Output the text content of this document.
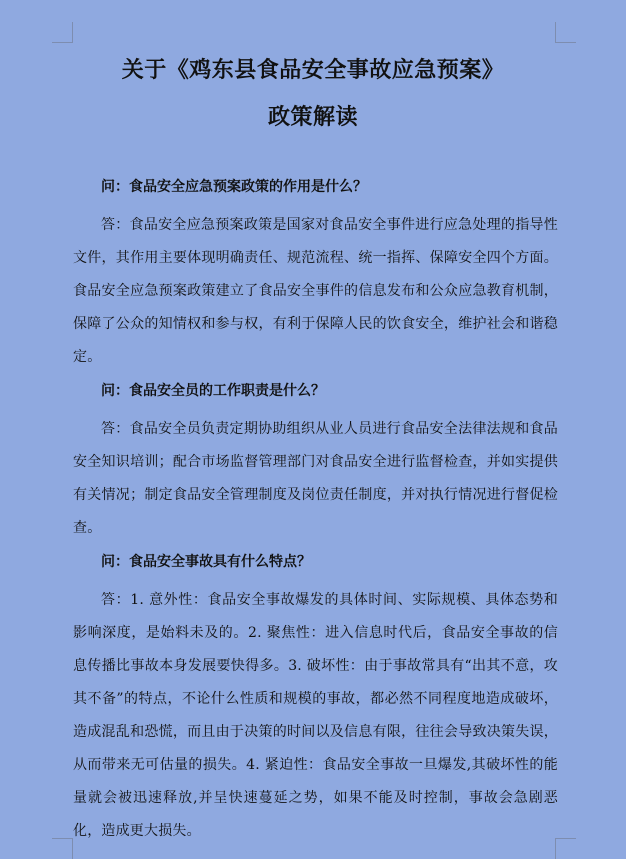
关于《鸡东县食品安全事故应急预案》
政策解读

问：食品安全应急预案政策的作用是什么？

答：食品安全应急预案政策是国家对食品安全事件进行应急处理的指导性文件，其作用主要体现明确责任、规范流程、统一指挥、保障安全四个方面。食品安全应急预案政策建立了食品安全事件的信息发布和公众应急教育机制，保障了公众的知情权和参与权，有利于保障人民的饮食安全，维护社会和谐稳定。

问：食品安全员的工作职责是什么？

答：食品安全员负责定期协助组织从业人员进行食品安全法律法规和食品安全知识培训；配合市场监督管理部门对食品安全进行监督检查，并如实提供有关情况；制定食品安全管理制度及岗位责任制度，并对执行情况进行督促检查。

问：食品安全事故具有什么特点？

答：1. 意外性：食品安全事故爆发的具体时间、实际规模、具体态势和影响深度，是始料未及的。2. 聚焦性：进入信息时代后，食品安全事故的信息传播比事故本身发展要快得多。3. 破坏性：由于事故常具有“出其不意，攻其不备”的特点，不论什么性质和规模的事故，都必然不同程度地造成破坏，造成混乱和恐慌，而且由于决策的时间以及信息有限，往往会导致决策失误，从而带来无可估量的损失。4. 紧迫性：食品安全事故一旦爆发,其破坏性的能量就会被迅速释放,并呈快速蔓延之势，如果不能及时控制，事故会急剧恶化，造成更大损失。
